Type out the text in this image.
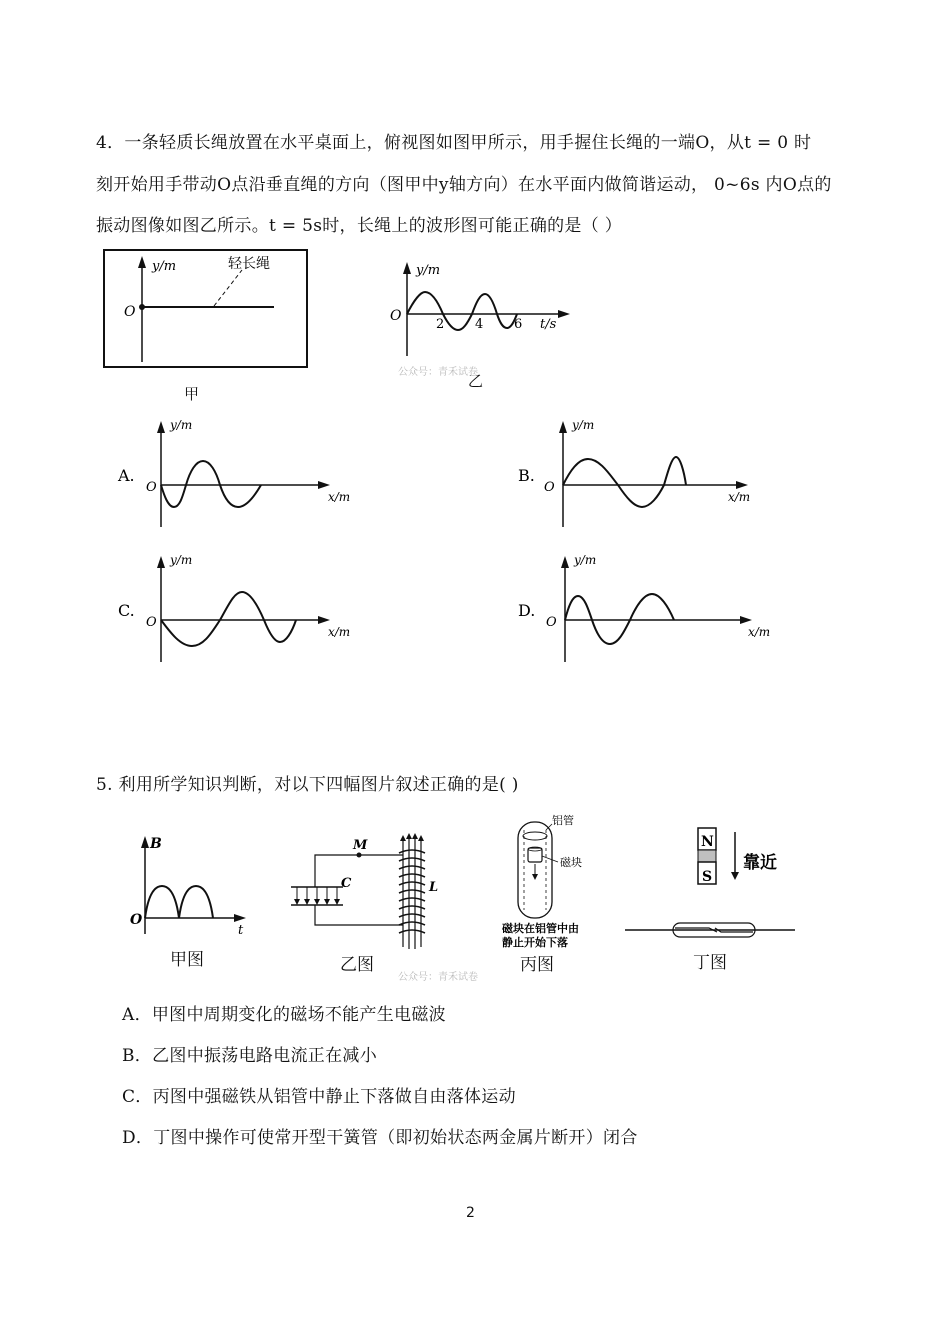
4．一条轻质长绳放置在水平桌面上，俯视图如图甲所示，用手握住长绳的一端O，从t = 0 时
刻开始用手带动O点沿垂直绳的方向（图甲中y轴方向）在水平面内做简谐运动， 0~6s 内O点的
振动图像如图乙所示。t = 5s时，长绳上的波形图可能正确的是（ ）
y/m
O
轻长绳
甲
y/m
O
2 4 6 t/s
乙
公众号：青禾试卷
A.
O
y/m
x/m
B.
O
y/m
x/m
C.
O
y/m
x/m
D.
O
y/m
x/m
5. 利用所学知识判断，对以下四幅图片叙述正确的是( )
B
O
t
甲图
M
C	L
乙图
铝管
磁块
磁块在铝管中由
静止开始下落
丙图
N
S
靠近
丁图
公众号：青禾试卷
A．甲图中周期变化的磁场不能产生电磁波
B．乙图中振荡电路电流正在减小
C．丙图中强磁铁从铝管中静止下落做自由落体运动
D．丁图中操作可使常开型干簧管（即初始状态两金属片断开）闭合
2
